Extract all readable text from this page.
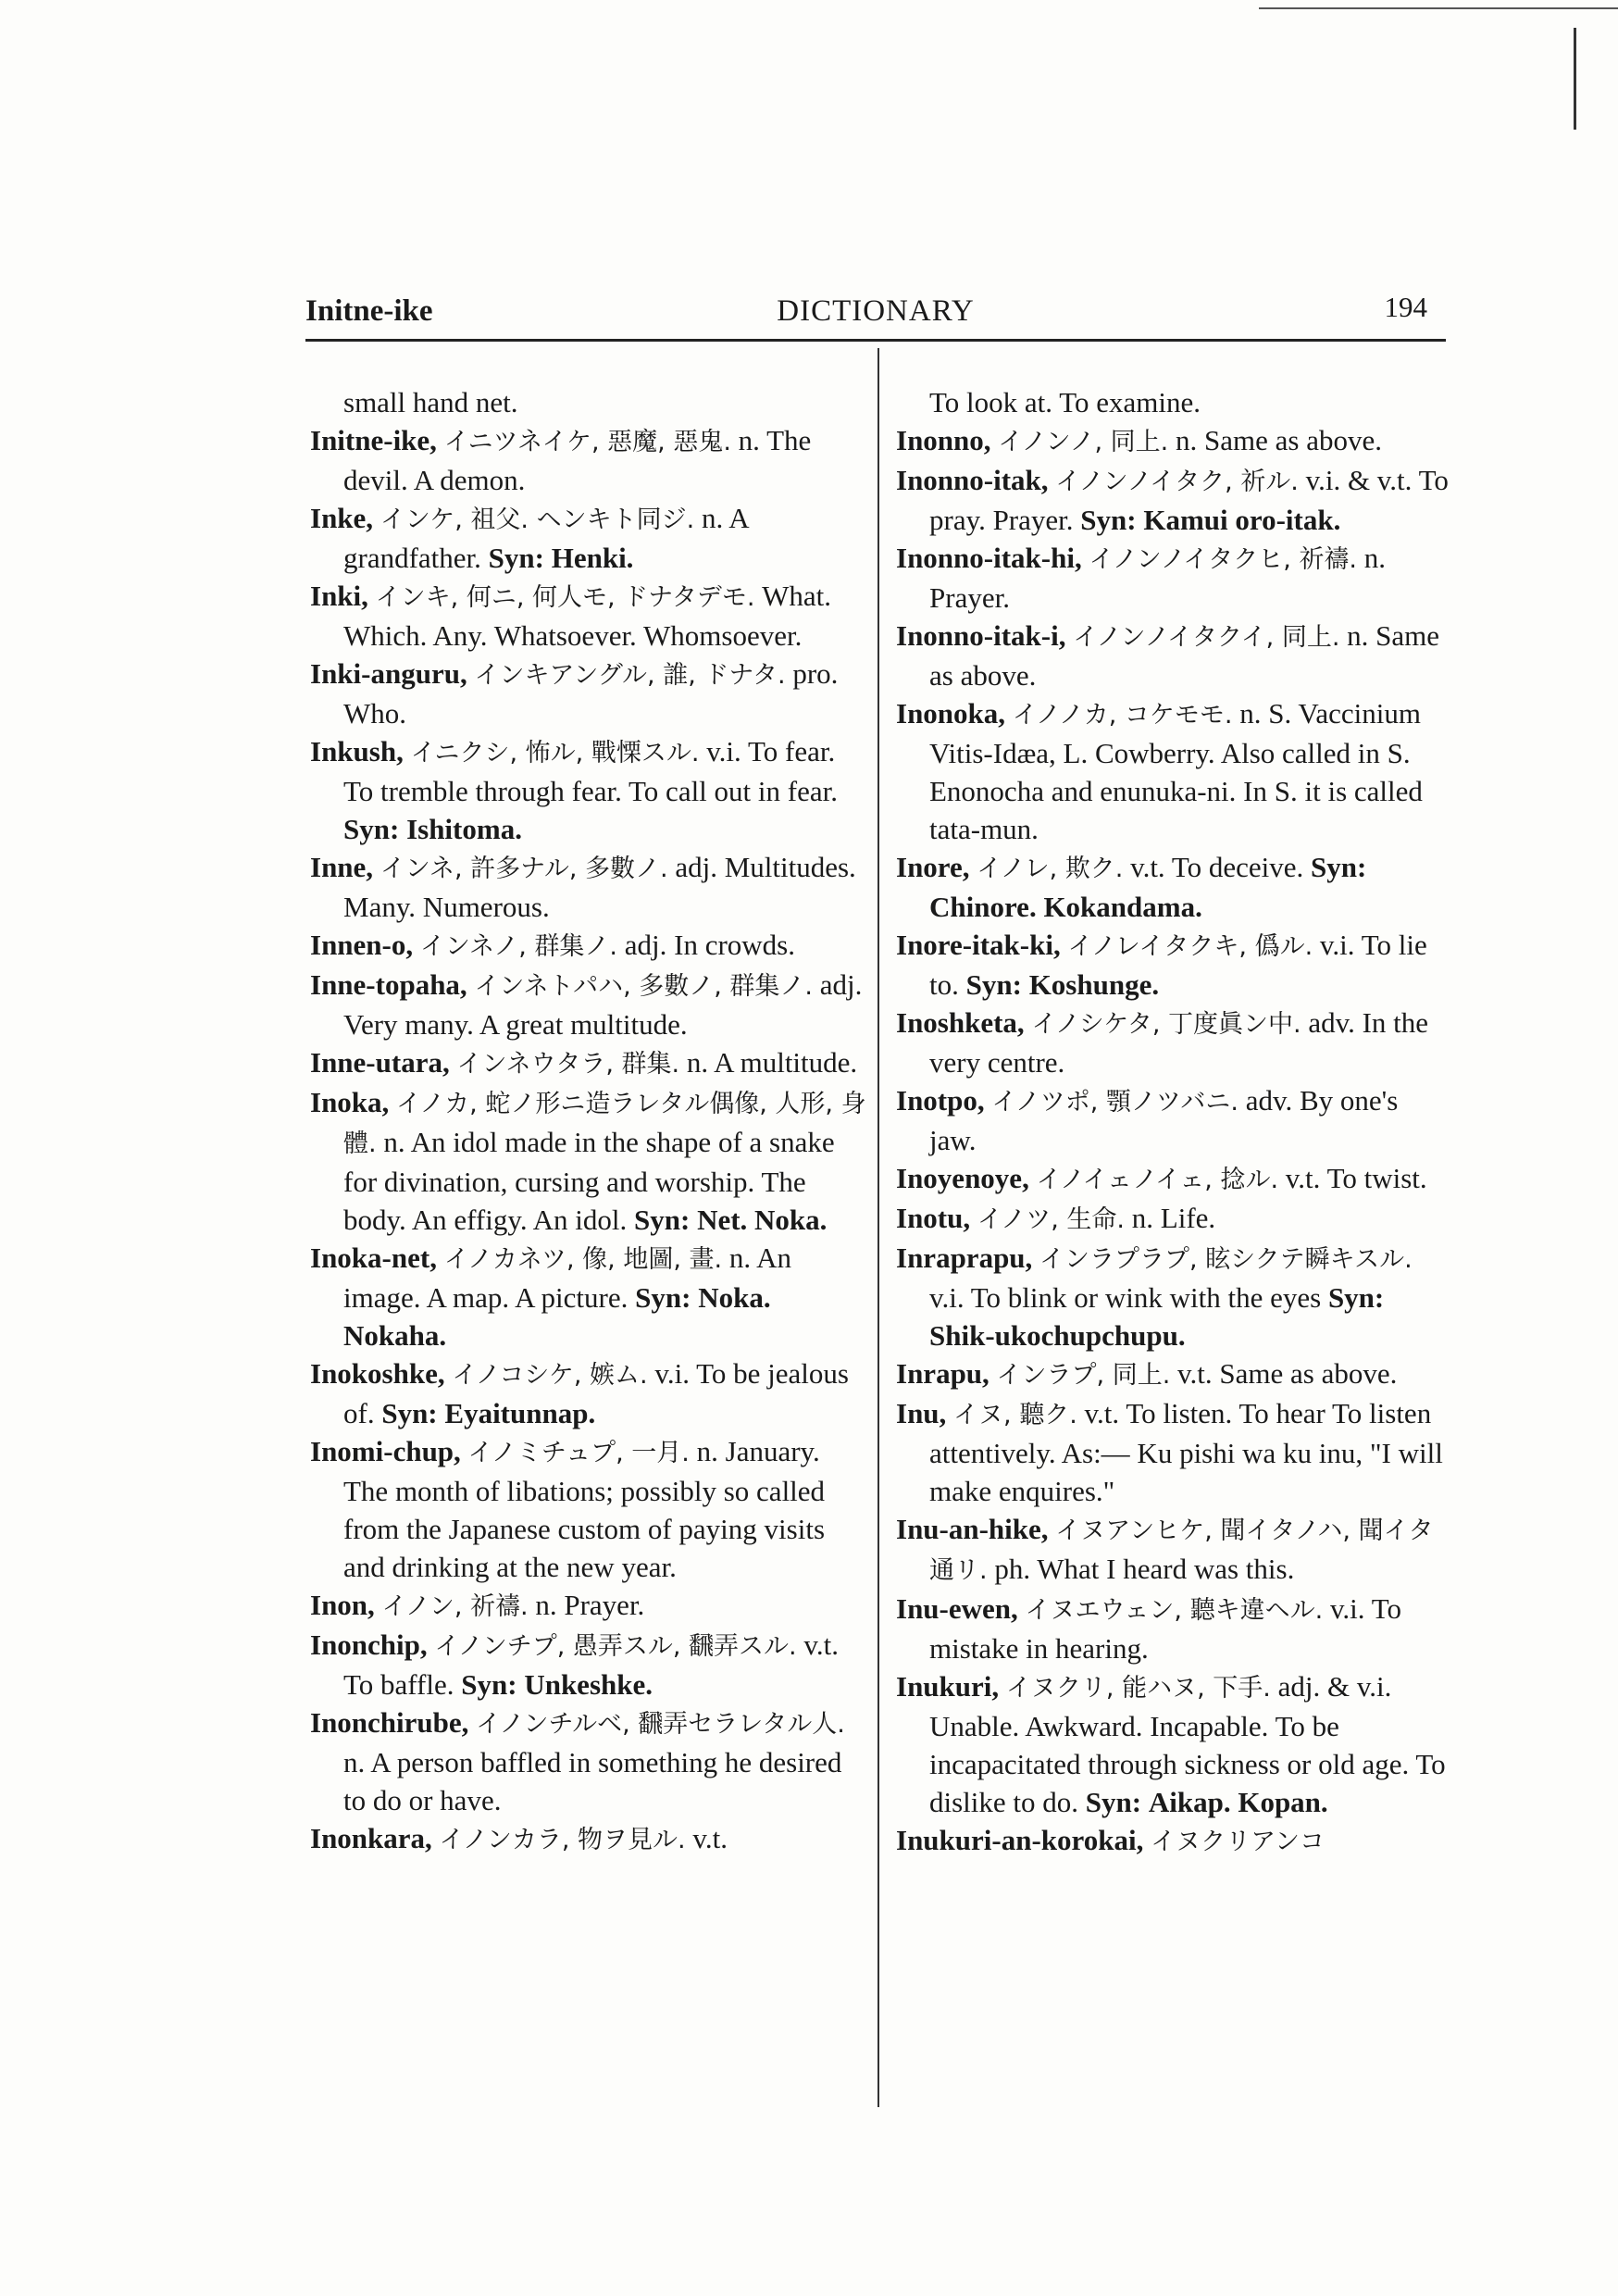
Initne-ike	DICTIONARY	194

small hand net.

Initne-ike, イニツネイケ, 惡魔, 惡鬼. n. The devil. A demon.

Inke, インケ, 祖父. ヘンキト同ジ. n. A grandfather. Syn: Henki.

Inki, インキ, 何ニ, 何人モ, ドナタデモ. What. Which. Any. Whatsoever. Whomsoever.

Inki-anguru, インキアングル, 誰, ドナタ. pro. Who.

Inkush, イニクシ, 怖ル, 戰慄スル. v.i. To fear. To tremble through fear. To call out in fear. Syn: Ishitoma.

Inne, インネ, 許多ナル, 多數ノ. adj. Multitudes. Many. Numerous.

Innen-o, インネノ, 群集ノ. adj. In crowds.

Inne-topaha, インネトパハ, 多數ノ, 群集ノ. adj. Very many. A great multitude.

Inne-utara, インネウタラ, 群集. n. A multitude.

Inoka, イノカ, 蛇ノ形ニ造ラレタル偶像, 人形, 身體. n. An idol made in the shape of a snake for divination, cursing and worship. The body. An effigy. An idol. Syn: Net. Noka.

Inoka-net, イノカネツ, 像, 地圖, 畫. n. An image. A map. A picture. Syn: Noka. Nokaha.

Inokoshke, イノコシケ, 嫉ム. v.i. To be jealous of. Syn: Eyaitunnap.

Inomi-chup, イノミチュプ, 一月. n. January. The month of libations; possibly so called from the Japanese custom of paying visits and drinking at the new year.

Inon, イノン, 祈禱. n. Prayer.

Inonchip, イノンチプ, 愚弄スル, 飜弄スル. v.t. To baffle. Syn: Unkeshke.

Inonchirube, イノンチルベ, 飜弄セラレタル人. n. A person baffled in something he desired to do or have.

Inonkara, イノンカラ, 物ヲ見ル. v.t.

To look at. To examine.

Inonno, イノンノ, 同上. n. Same as above.

Inonno-itak, イノンノイタク, 祈ル. v.i. & v.t. To pray. Prayer. Syn: Kamui oro-itak.

Inonno-itak-hi, イノンノイタクヒ, 祈禱. n. Prayer.

Inonno-itak-i, イノンノイタクイ, 同上. n. Same as above.

Inonoka, イノノカ, コケモモ. n. S. Vaccinium Vitis-Idæa, L. Cowberry. Also called in S. Enonocha and enunuka-ni. In S. it is called tata-mun.

Inore, イノレ, 欺ク. v.t. To deceive. Syn: Chinore. Kokandama.

Inore-itak-ki, イノレイタクキ, 僞ル. v.i. To lie to. Syn: Koshunge.

Inoshketa, イノシケタ, 丁度眞ン中. adv. In the very centre.

Inotpo, イノツポ, 顎ノツバニ. adv. By one's jaw.

Inoyenoye, イノイェノイェ, 捻ル. v.t. To twist.

Inotu, イノツ, 生命. n. Life.

Inraprapu, インラプラプ, 眩シクテ瞬キスル. v.i. To blink or wink with the eyes Syn: Shik-ukochupchupu.

Inrapu, インラプ, 同上. v.t. Same as above.

Inu, イヌ, 聽ク. v.t. To listen. To hear To listen attentively. As:— Ku pishi wa ku inu, "I will make enquires."

Inu-an-hike, イヌアンヒケ, 聞イタノハ, 聞イタ通リ. ph. What I heard was this.

Inu-ewen, イヌエウェン, 聽キ違ヘル. v.i. To mistake in hearing.

Inukuri, イヌクリ, 能ハヌ, 下手. adj. & v.i. Unable. Awkward. Incapable. To be incapacitated through sickness or old age. To dislike to do. Syn: Aikap. Kopan.

Inukuri-an-korokai, イヌクリアンコ
